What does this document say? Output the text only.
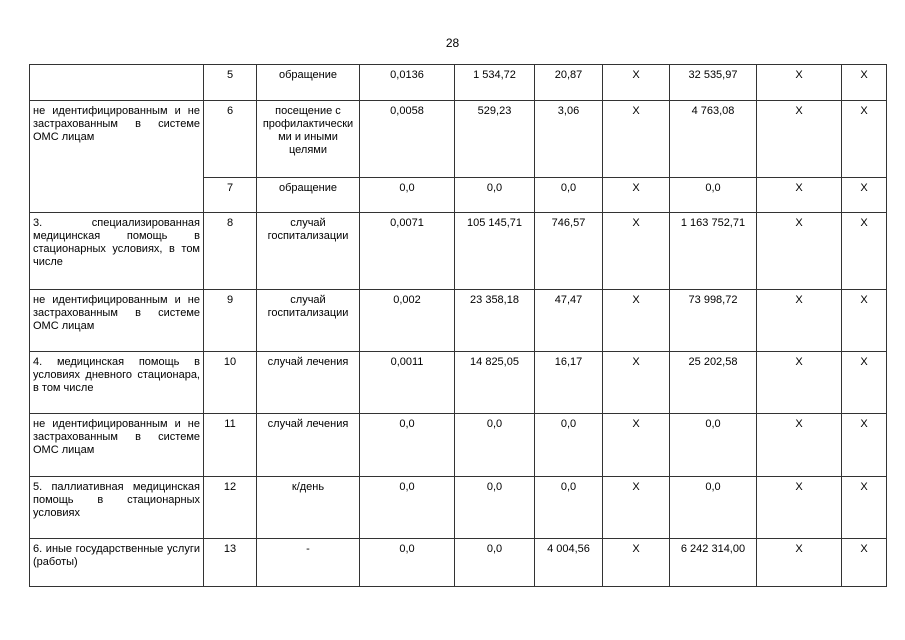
28
	5	обращение	0,0136	1 534,72	20,87	Х	32 535,97	Х	Х
не идентифицированным и не застрахованным в системе ОМС лицам	6	посещение с профилактически ми и иными целями	0,0058	529,23	3,06	Х	4 763,08	Х	Х
	7	обращение	0,0	0,0	0,0	Х	0,0	Х	Х
3. специализированная медицинская помощь в стационарных условиях, в том числе	8	случай госпитализации	0,0071	105 145,71	746,57	Х	1 163 752,71	Х	Х
не идентифицированным и не застрахованным в системе ОМС лицам	9	случай госпитализации	0,002	23 358,18	47,47	Х	73 998,72	Х	Х
4. медицинская помощь в условиях дневного стационара, в том числе	10	случай лечения	0,0011	14 825,05	16,17	Х	25 202,58	Х	Х
не идентифицированным и не застрахованным в системе ОМС лицам	11	случай лечения	0,0	0,0	0,0	Х	0,0	Х	Х
5. паллиативная медицинская помощь в стационарных условиях	12	к/день	0,0	0,0	0,0	Х	0,0	Х	Х
6. иные государственные услуги (работы)	13	-	0,0	0,0	4 004,56	Х	6 242 314,00	Х	Х
